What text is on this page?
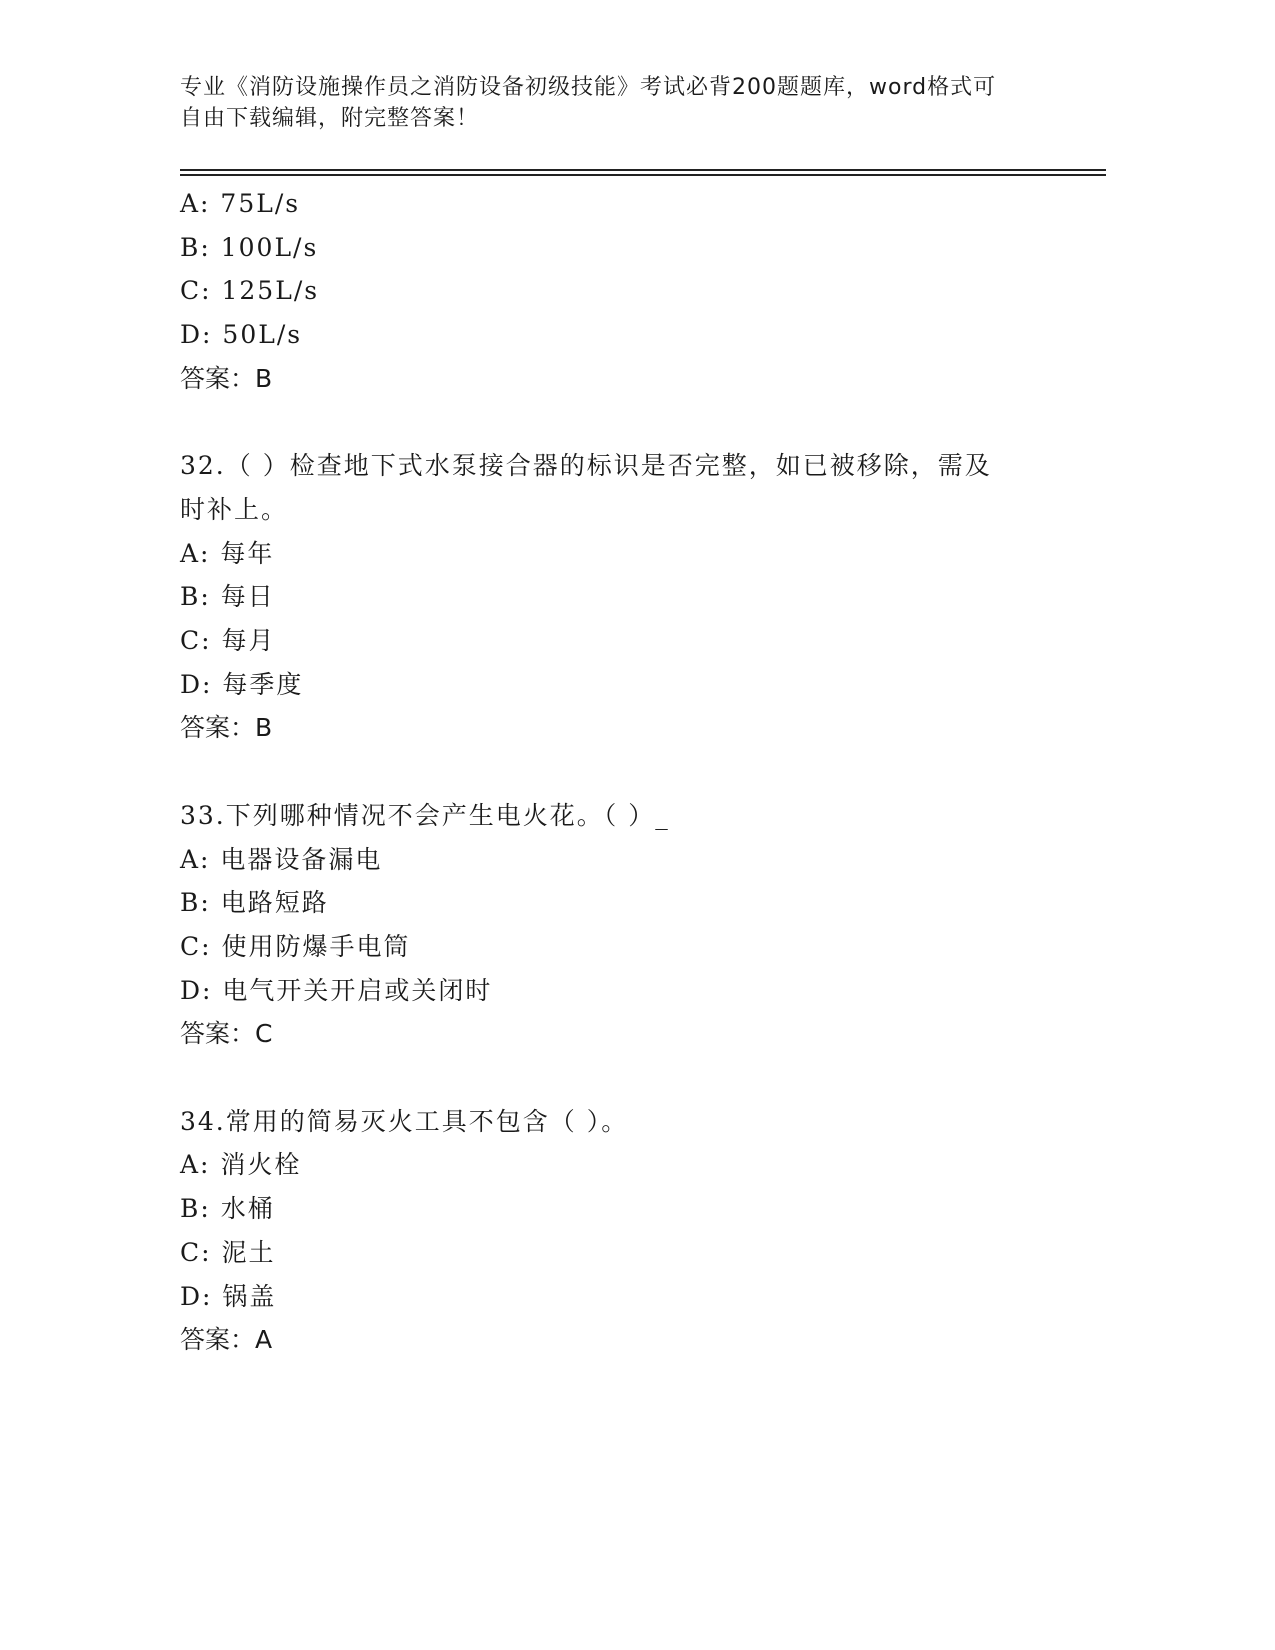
专业《消防设施操作员之消防设备初级技能》考试必背200题题库，word格式可
自由下载编辑，附完整答案！
A: 75L/s
B: 100L/s
C: 125L/s
D: 50L/s
答案：B
32.（ ）检查地下式水泵接合器的标识是否完整，如已被移除，需及
时补上。
A: 每年
B: 每日
C: 每月
D: 每季度
答案：B
33.下列哪种情况不会产生电火花。（ ）_
A: 电器设备漏电
B: 电路短路
C: 使用防爆手电筒
D: 电气开关开启或关闭时
答案：C
34.常用的简易灭火工具不包含（ ）。
A: 消火栓
B: 水桶
C: 泥土
D: 锅盖
答案：A
